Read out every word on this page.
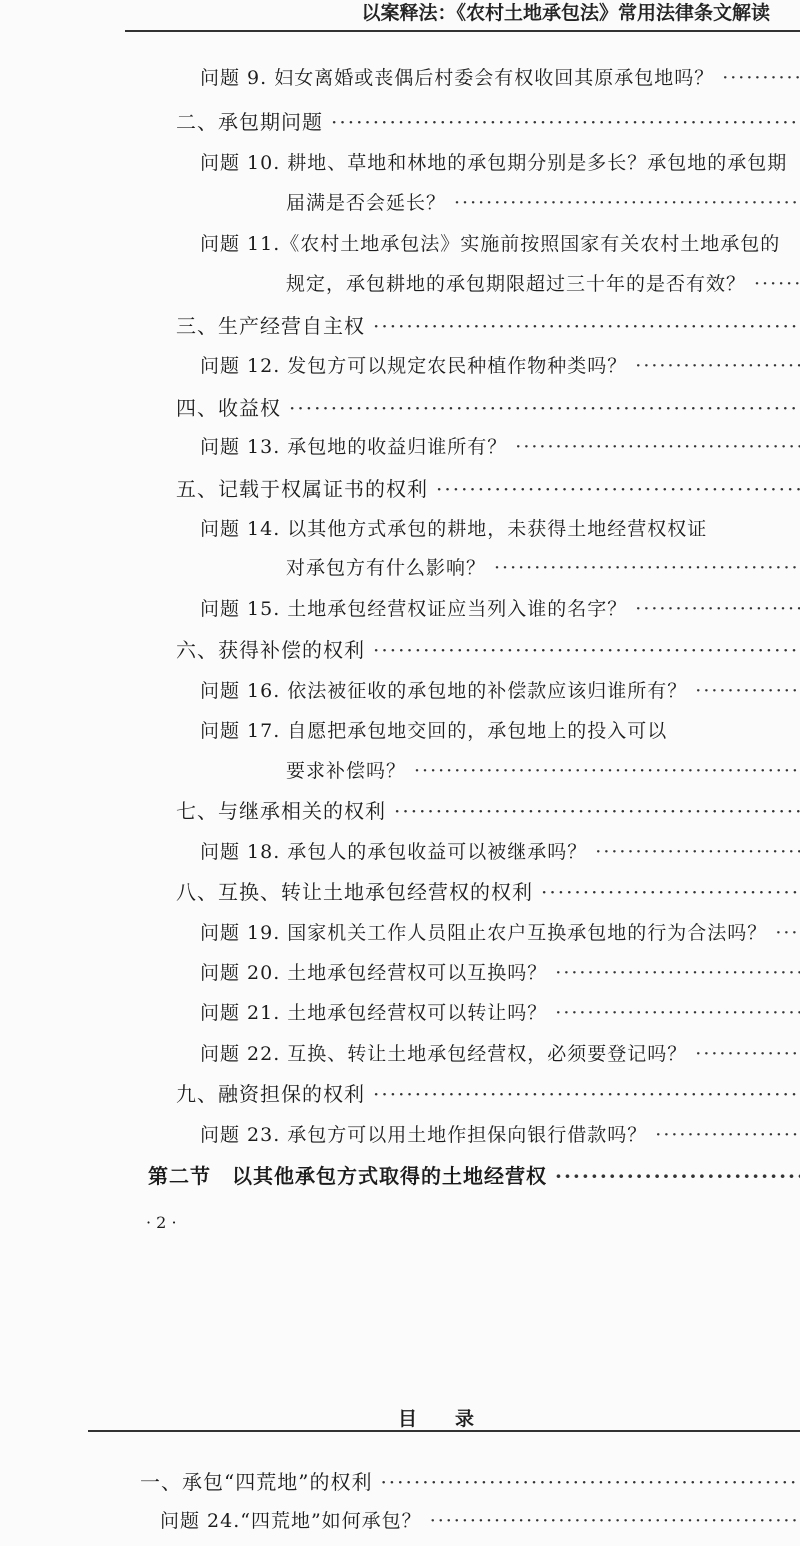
以案释法：《农村土地承包法》常用法律条文解读
问题 9. 妇女离婚或丧偶后村委会有权收回其原承包地吗？
·····
二、承包期问题
·····
问题 10. 耕地、草地和林地的承包期分别是多长？承包地的承包期
届满是否会延长？
·····
问题 11.《农村土地承包法》实施前按照国家有关农村土地承包的
规定，承包耕地的承包期限超过三十年的是否有效？
·····
三、生产经营自主权
·····
问题 12. 发包方可以规定农民种植作物种类吗？
·····
四、收益权
·····
问题 13. 承包地的收益归谁所有？
·····
五、记载于权属证书的权利
·····
问题 14. 以其他方式承包的耕地，未获得土地经营权权证
对承包方有什么影响？
·····
问题 15. 土地承包经营权证应当列入谁的名字？
·····
六、获得补偿的权利
·····
问题 16. 依法被征收的承包地的补偿款应该归谁所有？
·····
问题 17. 自愿把承包地交回的，承包地上的投入可以
要求补偿吗？
·····
七、与继承相关的权利
·····
问题 18. 承包人的承包收益可以被继承吗？
·····
八、互换、转让土地承包经营权的权利
·····
问题 19. 国家机关工作人员阻止农户互换承包地的行为合法吗？
·····
问题 20. 土地承包经营权可以互换吗？
·····
问题 21. 土地承包经营权可以转让吗？
·····
问题 22. 互换、转让土地承包经营权，必须要登记吗？
·····
九、融资担保的权利
·····
问题 23. 承包方可以用土地作担保向银行借款吗？
·····
第二节　以其他承包方式取得的土地经营权
·····
· 2 ·
目录
一、承包“四荒地”的权利
·····
问题 24.“四荒地”如何承包？
·····
